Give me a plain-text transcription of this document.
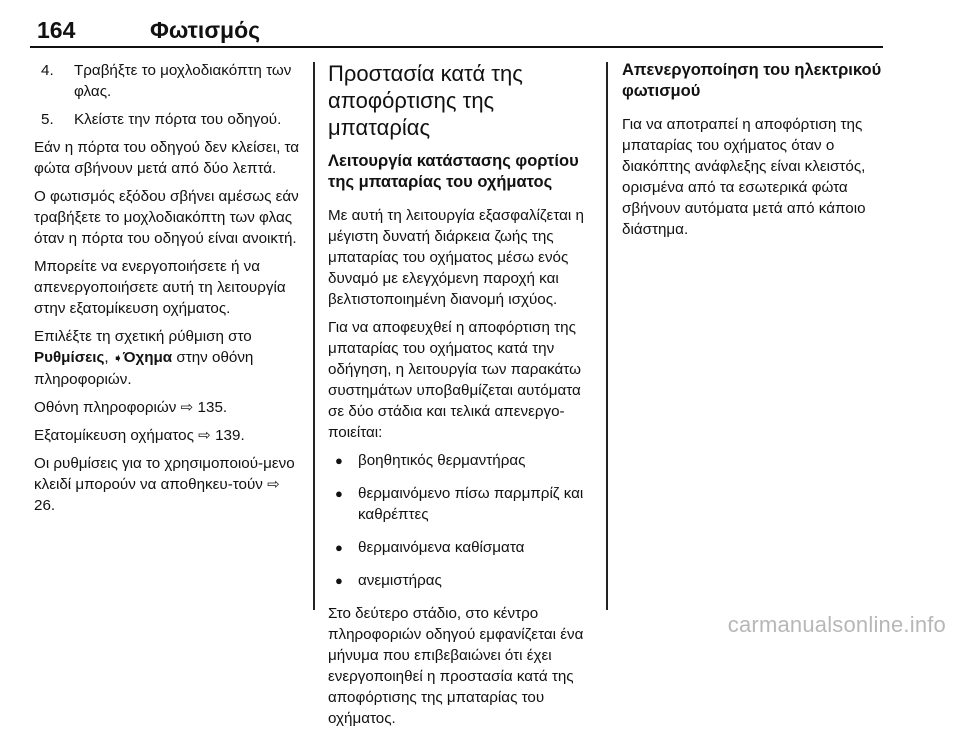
164	Φωτισμός
4. Τραβήξτε το μοχλοδιακόπτη των φλας.
5. Κλείστε την πόρτα του οδηγού.

Εάν η πόρτα του οδηγού δεν κλείσει, τα φώτα σβήνουν μετά από δύο λεπτά.

Ο φωτισμός εξόδου σβήνει αμέσως εάν τραβήξετε το μοχλοδιακόπτη των φλας όταν η πόρτα του οδηγού είναι ανοικτή.

Μπορείτε να ενεργοποιήσετε ή να απενεργοποιήσετε αυτή τη λειτουργία στην εξατομίκευση οχήματος.

Επιλέξτε τη σχετική ρύθμιση στο Ρυθμίσεις, ➧Όχημα στην οθόνη πληροφοριών.

Οθόνη πληροφοριών ⇨ 135.

Εξατομίκευση οχήματος ⇨ 139.

Οι ρυθμίσεις για το χρησιμοποιού-μενο κλειδί μπορούν να αποθηκευ-τούν ⇨ 26.

Προστασία κατά της αποφόρτισης της μπαταρίας
Λειτουργία κατάστασης φορτίου της μπαταρίας του οχήματος

Με αυτή τη λειτουργία εξασφαλίζεται η μέγιστη δυνατή διάρκεια ζωής της μπαταρίας του οχήματος μέσω ενός δυναμό με ελεγχόμενη παροχή και βελτιστοποιημένη διανομή ισχύος.

Για να αποφευχθεί η αποφόρτιση της μπαταρίας του οχήματος κατά την οδήγηση, η λειτουργία των παρακάτω συστημάτων υποβαθμίζεται αυτόματα σε δύο στάδια και τελικά απενεργο-ποιείται:

● βοηθητικός θερμαντήρας
● θερμαινόμενο πίσω παρμπρίζ και καθρέπτες
● θερμαινόμενα καθίσματα
● ανεμιστήρας

Στο δεύτερο στάδιο, στο κέντρο πληροφοριών οδηγού εμφανίζεται ένα μήνυμα που επιβεβαιώνει ότι έχει ενεργοποιηθεί η προστασία κατά της αποφόρτισης της μπαταρίας του οχήματος.

Απενεργοποίηση του ηλεκτρικού φωτισμού

Για να αποτραπεί η αποφόρτιση της μπαταρίας του οχήματος όταν ο διακόπτης ανάφλεξης είναι κλειστός, ορισμένα από τα εσωτερικά φώτα σβήνουν αυτόματα μετά από κάποιο διάστημα.

carmanualsonline.info
